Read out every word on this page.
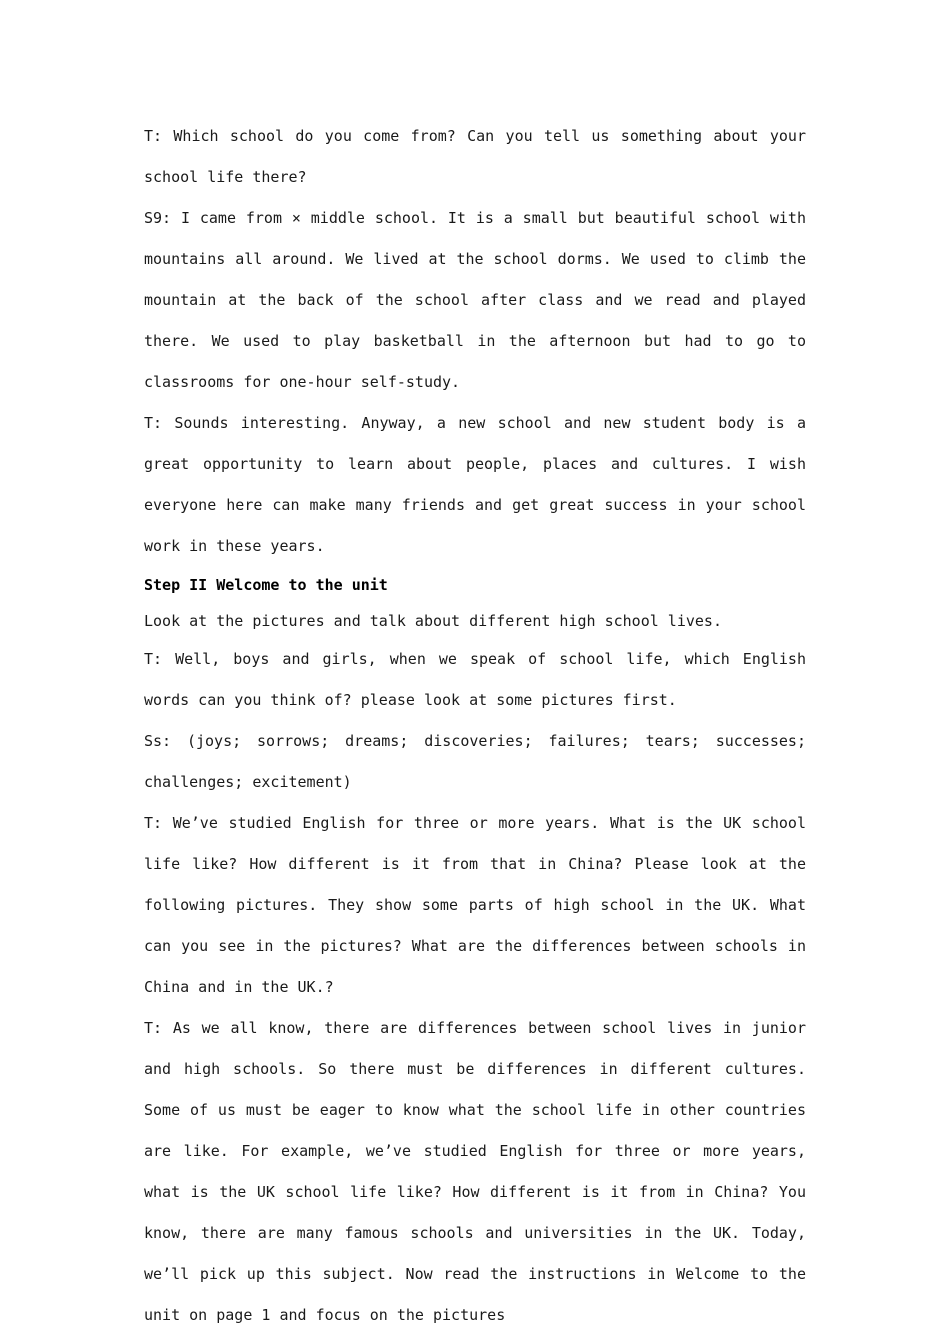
T: Which school do you come from? Can you tell us something about your school life there?

S9: I came from × middle school. It is a small but beautiful school with mountains all around. We lived at the school dorms. We used to climb the mountain at the back of the school after class and we read and played there. We used to play basketball in the afternoon but had to go to classrooms for one-hour self-study.

T: Sounds interesting. Anyway, a new school and new student body is a great opportunity to learn about people, places and cultures. I wish everyone here can make many friends and get great success in your school work in these years.

Step II Welcome to the unit

Look at the pictures and talk about different high school lives.

T: Well, boys and girls, when we speak of school life, which English words can you think of? please look at some pictures first.

Ss: (joys; sorrows; dreams; discoveries; failures; tears; successes; challenges; excitement)

T: We’ve studied English for three or more years. What is the UK school life like? How different is it from that in China? Please look at the following pictures. They show some parts of high school in the UK. What can you see in the pictures? What are the differences between schools in China and in the UK.?

T: As we all know, there are differences between school lives in junior and high schools. So there must be differences in different cultures. Some of us must be eager to know what the school life in other countries are like. For example, we’ve studied English for three or more years, what is the UK school life like? How different is it from in China? You know, there are many famous schools and universities in the UK. Today, we’ll pick up this subject. Now read the instructions in Welcome to the unit on page 1 and focus on the pictures
